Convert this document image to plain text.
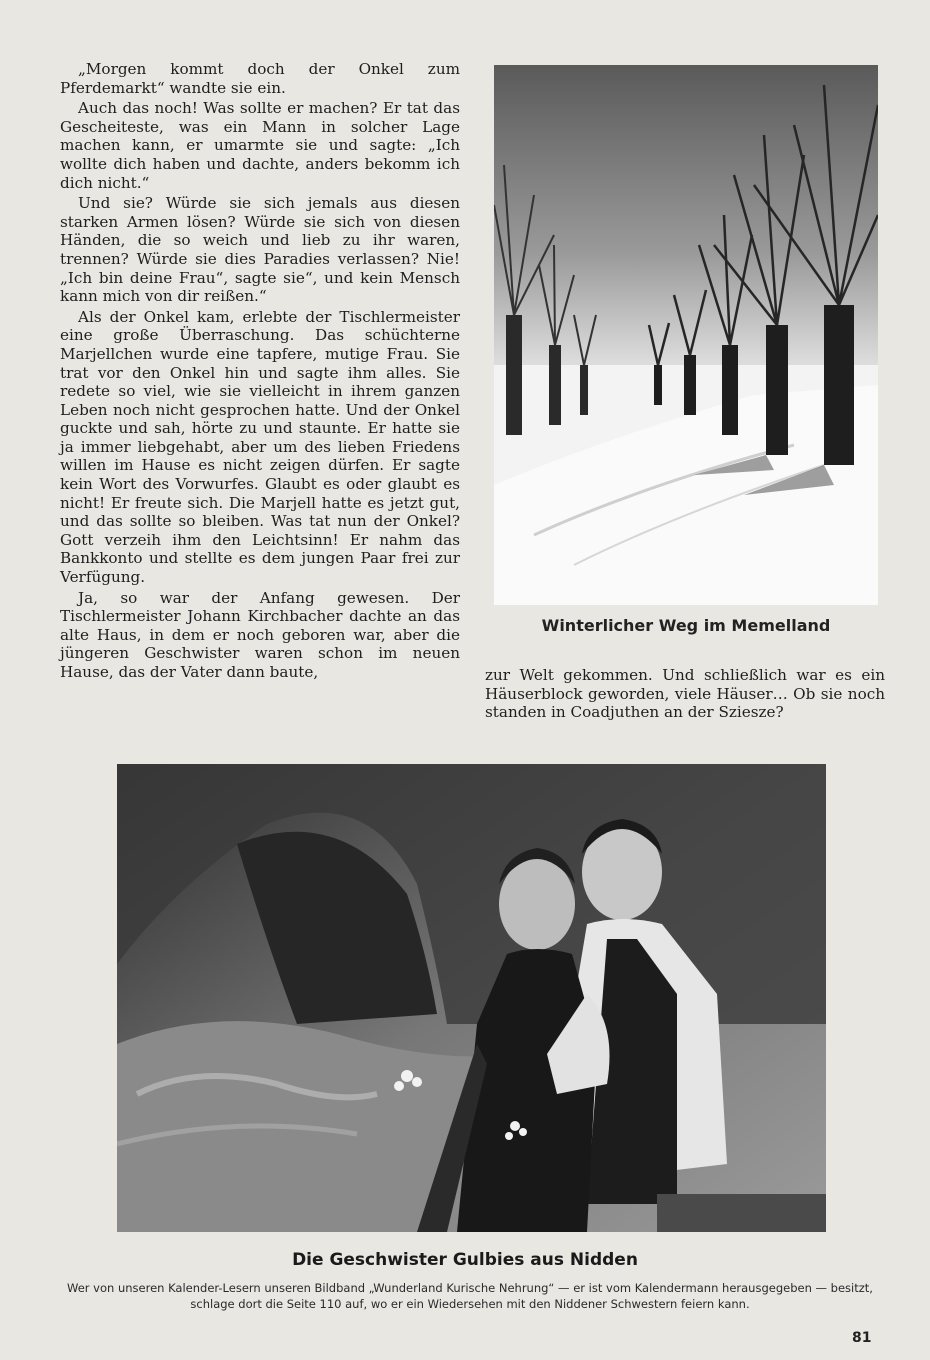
„Morgen kommt doch der Onkel zum Pferdemarkt“ wandte sie ein.

Auch das noch! Was sollte er machen? Er tat das Gescheiteste, was ein Mann in solcher Lage machen kann, er umarmte sie und sagte: „Ich wollte dich haben und dachte, anders bekomm ich dich nicht.“

Und sie? Würde sie sich jemals aus diesen starken Armen lösen? Würde sie sich von diesen Händen, die so weich und lieb zu ihr waren, trennen? Würde sie dies Paradies verlassen? Nie! „Ich bin deine Frau“, sagte sie“, und kein Mensch kann mich von dir reißen.“

Als der Onkel kam, erlebte der Tischlermeister eine große Überraschung. Das schüchterne Marjellchen wurde eine tapfere, mutige Frau. Sie trat vor den Onkel hin und sagte ihm alles. Sie redete so viel, wie sie vielleicht in ihrem ganzen Leben noch nicht gesprochen hatte. Und der Onkel guckte und sah, hörte zu und staunte. Er hatte sie ja immer liebgehabt, aber um des lieben Friedens willen im Hause es nicht zeigen dürfen. Er sagte kein Wort des Vorwurfes. Glaubt es oder glaubt es nicht! Er freute sich. Die Marjell hatte es jetzt gut, und das sollte so bleiben. Was tat nun der Onkel? Gott verzeih ihm den Leichtsinn! Er nahm das Bankkonto und stellte es dem jungen Paar frei zur Verfügung.

Ja, so war der Anfang gewesen. Der Tischlermeister Johann Kirchbacher dachte an das alte Haus, in dem er noch geboren war, aber die jüngeren Geschwister waren schon im neuen Hause, das der Vater dann baute,

Winterlicher Weg im Memelland

zur Welt gekommen. Und schließlich war es ein Häuserblock geworden, viele Häuser… Ob sie noch standen in Coadjuthen an der Sziesze?

Die Geschwister Gulbies aus Nidden
Wer von unseren Kalender-Lesern unseren Bildband „Wunderland Kurische Nehrung“ — er ist vom Kalendermann herausgegeben — besitzt, schlage dort die Seite 110 auf, wo er ein Wiedersehen mit den Niddener Schwestern feiern kann.
81
